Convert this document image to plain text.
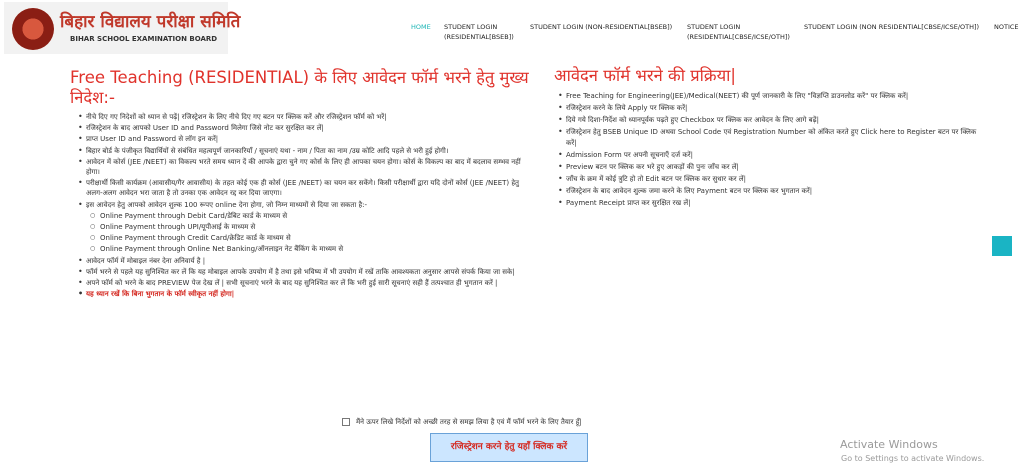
बिहार विद्यालय परीक्षा समिति
BIHAR SCHOOL EXAMINATION BOARD
HOME STUDENT LOGIN
(RESIDENTIAL[BSEB])
STUDENT LOGIN (NON-RESIDENTIAL[BSEB]) STUDENT LOGIN
(RESIDENTIAL[CBSE/ICSE/OTH])
STUDENT LOGIN (NON RESIDENTIAL[CBSE/ICSE/OTH]) NOTICE
Free Teaching (RESIDENTIAL) के लिए आवेदन फॉर्म भरने हेतु मुख्य निदेश:-
• नीचे दिए गए निदेशों को ध्यान से पढ़ें| रजिस्ट्रेशन के लिए नीचे दिए गए बटन पर क्लिक करें और रजिस्ट्रेशन फॉर्म को भरें|
• रजिस्ट्रेशन के बाद आपको User ID and Password मिलेगा जिसे नोट कर सुरक्षित कर लें|
• प्राप्त User ID and Password से लॉग इन करें|
• बिहार बोर्ड के पंजीकृत विद्यार्थियों से संबंधित महत्वपूर्ण जानकारियाँ / सूचनाएं यथा - नाम / पिता का नाम /उम्र कोटि आदि पहले से भरी हुई होगी।
• आवेदन में कोर्स (JEE /NEET) का विकल्प भरते समय ध्यान दें की आपके द्वारा चुने गए कोर्स के लिए ही आपका चयन होगा। कोर्स के विकल्प का बाद में बदलाव सम्भव नहीं होगा।
• परीक्षार्थी किसी कार्यक्रम (आवासीय/गैर आवासीय) के तहत कोई एक ही कोर्स (JEE /NEET) का चयन कर सकेंगे। किसी परीक्षार्थी द्वारा यदि दोनों कोर्स (JEE /NEET) हेतु अलग-अलग आवेदन भरा जाता है तो उनका एक आवेदन रद्द कर दिया जाएगा।
• इस आवेदन हेतु आपको आवेदन शुल्क 100 रूपए online देना होगा, जो निम्न माध्यमों से दिया जा सकता है:-
○ Online Payment through Debit Card/डेबिट कार्ड के माध्यम से
○ Online Payment through UPI/यूपीआई के माध्यम से
○ Online Payment through Credit Card/क्रेडिट कार्ड के माध्यम से
○ Online Payment through Online Net Banking/ऑनलाइन नेट बैंकिंग के माध्यम से
• आवेदन फॉर्म में मोबाइल नंबर देना अनिवार्य है |
• फॉर्म भरने से पहले यह सुनिश्चित कर लें कि यह मोबाइल आपके उपयोग में है तथा इसे भविष्य में भी उपयोग में रखें ताकि आवश्यकता अनुसार आपसे संपर्क किया जा सके|
• अपने फॉर्म को भरने के बाद PREVIEW पेज देख लें | सभी सूचनाएं भरने के बाद यह सुनिश्चित कर लें कि भरी हुई सारी सूचनाएं सही हैं तत्पश्चात ही भुगतान करें |
• यह ध्यान रखें कि बिना भुगतान के फॉर्म स्वीकृत नहीं होगा|
आवेदन फॉर्म भरने की प्रक्रिया|
• Free Teaching for Engineering(JEE)/Medical(NEET) की पूर्ण जानकारी के लिए "विज्ञप्ति डाउनलोड करें" पर क्लिक करें|
• रजिस्ट्रेशन करने के लिये Apply पर क्लिक करें|
• दिये गये दिशा-निर्देश को ध्यानपूर्वक पढ़ते हुए Checkbox पर क्लिक कर आवेदन के लिए आगे बढ़ें|
• रजिस्ट्रेशन हेतु BSEB Unique ID अथवा School Code एवं Registration Number को अंकित करते हुए Click here to Register बटन पर क्लिक करें|
• Admission Form पर अपनी सूचनाएँ दर्ज करें|
• Preview बटन पर क्लिक कर भरे हुए आकड़ों की पुनः जाँच कर लें|
• जाँच के क्रम में कोई त्रुटि हो तो Edit बटन पर क्लिक कर सुधार कर लें|
• रजिस्ट्रेशन के बाद आवेदन शुल्क जमा करने के लिए Payment बटन पर क्लिक कर भुगतान करें|
• Payment Receipt प्राप्त कर सुरक्षित रख लें|
मैंने ऊपर लिखे निर्देशों को अच्छी तरह से समझ लिया है एवं मैं फॉर्म भरने के लिए तैयार हूँ|
रजिस्ट्रेशन करने हेतु यहाँ क्लिक करें	Activate Windows
Go to Settings to activate Windows.
